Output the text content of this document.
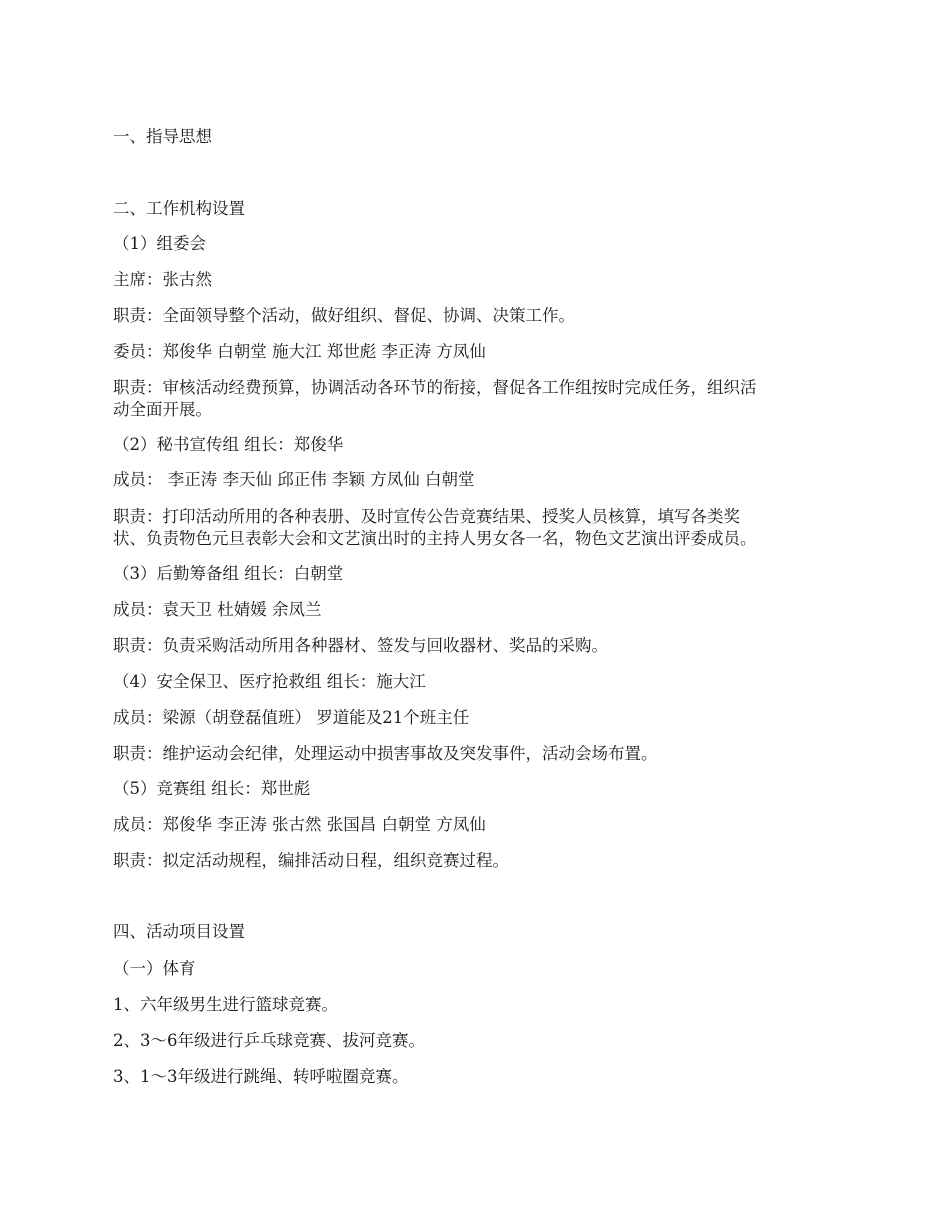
一、指导思想
二、工作机构设置
（1）组委会
主席：张古然
职责：全面领导整个活动，做好组织、督促、协调、决策工作。
委员：郑俊华 白朝堂 施大江 郑世彪 李正涛 方凤仙
职责：审核活动经费预算，协调活动各环节的衔接，督促各工作组按时完成任务，组织活
动全面开展。
（2）秘书宣传组 组长：郑俊华
成员： 李正涛 李天仙 邱正伟 李颖 方凤仙 白朝堂
职责：打印活动所用的各种表册、及时宣传公告竞赛结果、授奖人员核算，填写各类奖
状、负责物色元旦表彰大会和文艺演出时的主持人男女各一名，物色文艺演出评委成员。
（3）后勤筹备组 组长：白朝堂
成员：袁天卫 杜婧媛 余凤兰
职责：负责采购活动所用各种器材、签发与回收器材、奖品的采购。
（4）安全保卫、医疗抢救组 组长：施大江
成员：梁源（胡登磊值班） 罗道能及21个班主任
职责：维护运动会纪律，处理运动中损害事故及突发事件，活动会场布置。
（5）竞赛组 组长：郑世彪
成员：郑俊华 李正涛 张古然 张国昌 白朝堂 方凤仙
职责：拟定活动规程，编排活动日程，组织竞赛过程。
四、活动项目设置
（一）体育
1、六年级男生进行篮球竞赛。
2、3～6年级进行乒乓球竞赛、拔河竞赛。
3、1～3年级进行跳绳、转呼啦圈竞赛。
